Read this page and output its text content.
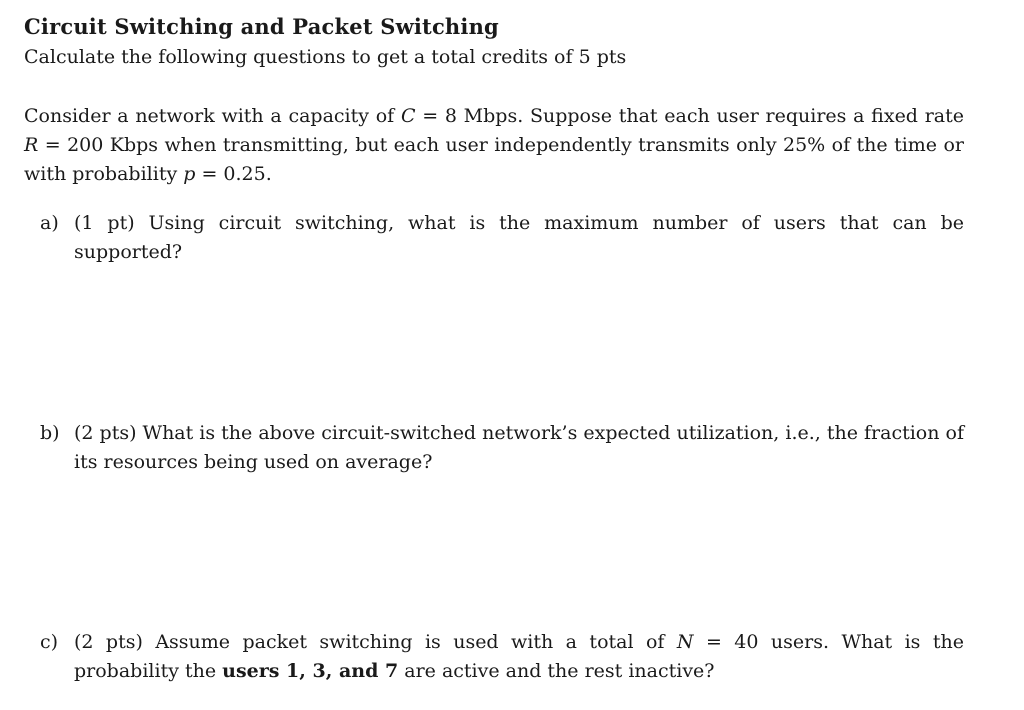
Circuit Switching and Packet Switching
Calculate the following questions to get a total credits of 5 pts

Consider a network with a capacity of C = 8 Mbps. Suppose that each user requires a fixed rate R = 200 Kbps when transmitting, but each user independently transmits only 25% of the time or with probability p = 0.25.

a) (1 pt) Using circuit switching, what is the maximum number of users that can be supported?
b) (2 pts) What is the above circuit-switched network’s expected utilization, i.e., the fraction of its resources being used on average?
c) (2 pts) Assume packet switching is used with a total of N = 40 users. What is the probability the users 1, 3, and 7 are active and the rest inactive?
